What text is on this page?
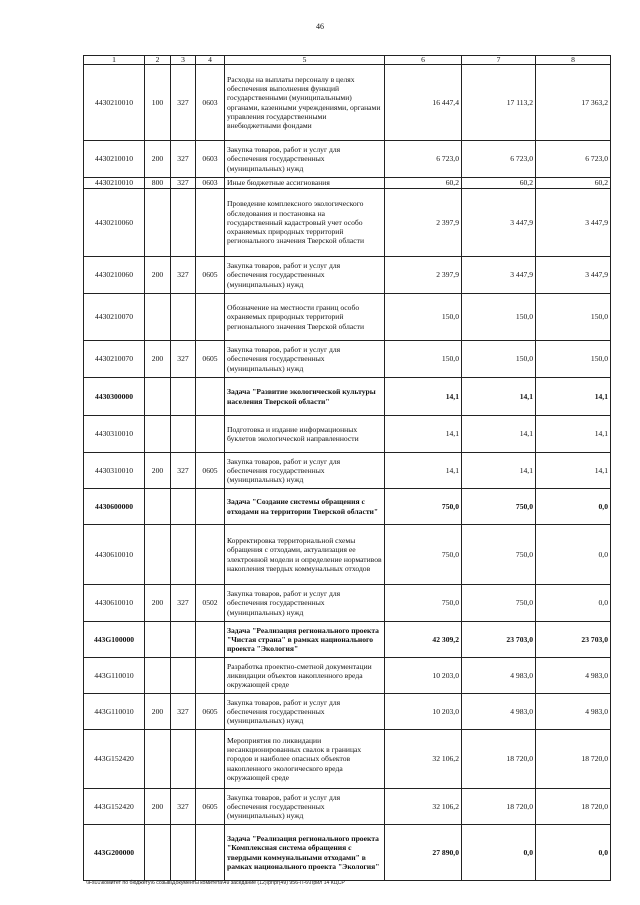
46
1	2	3	4	5	6	7	8
4430210010	100	327	0603	Расходы на выплаты персоналу в целях обеспечения выполнения функций государственными (муниципальными) органами, казенными учреждениями, органами управления государственными внебюджетными фондами	16 447,4	17 113,2	17 363,2
4430210010	200	327	0603	Закупка товаров, работ и услуг для обеспечения государственных (муниципальных) нужд	6 723,0	6 723,0	6 723,0
4430210010	800	327	0603	Иные бюджетные ассигнования	60,2	60,2	60,2
4430210060				Проведение комплексного экологического обследования и постановка на государственный кадастровый учет особо охраняемых природных территорий регионального значения Тверской области	2 397,9	3 447,9	3 447,9
4430210060	200	327	0605	Закупка товаров, работ и услуг для обеспечения государственных (муниципальных) нужд	2 397,9	3 447,9	3 447,9
4430210070				Обозначение на местности границ особо охраняемых природных территорий регионального значения Тверской области	150,0	150,0	150,0
4430210070	200	327	0605	Закупка товаров, работ и услуг для обеспечения государственных (муниципальных) нужд	150,0	150,0	150,0
4430300000				Задача "Развитие экологической культуры населения Тверской области"	14,1	14,1	14,1
4430310010				Подготовка и издание информационных буклетов экологической направленности	14,1	14,1	14,1
4430310010	200	327	0605	Закупка товаров, работ и услуг для обеспечения государственных (муниципальных) нужд	14,1	14,1	14,1
4430600000				Задача "Создание системы обращения с отходами на территории Тверской области"	750,0	750,0	0,0
4430610010				Корректировка территориальной схемы обращения с отходами, актуализация ее электронной модели и определение нормативов накопления твердых коммунальных отходов	750,0	750,0	0,0
4430610010	200	327	0502	Закупка товаров, работ и услуг для обеспечения государственных (муниципальных) нужд	750,0	750,0	0,0
443G100000				Задача "Реализация регионального проекта "Чистая страна" в рамках национального проекта "Экология"	42 309,2	23 703,0	23 703,0
443G110010				Разработка проектно-сметной документации ликвидации объектов накопленного вреда окружающей среде	10 203,0	4 983,0	4 983,0
443G110010	200	327	0605	Закупка товаров, работ и услуг для обеспечения государственных (муниципальных) нужд	10 203,0	4 983,0	4 983,0
443G152420				Мероприятия по ликвидации несанкционированных свалок в границах городов и наиболее опасных объектов накопленного экологического вреда окружающей среде	32 106,2	18 720,0	18 720,0
443G152420	200	327	0605	Закупка товаров, работ и услуг для обеспечения государственных (муниципальных) нужд	32 106,2	18 720,0	18 720,0
443G200000				Задача "Реализация регионального проекта "Комплексная система обращения с твердыми коммунальными отходами" в рамках национального проекта "Экология"	27 890,0	0,0	0,0
\\Fs01\комитет по бюджету\6 созыв\Документы комитета\49 заседание (12)\pr\pr(49) 956-П-6\Прил 14 КЦСР
